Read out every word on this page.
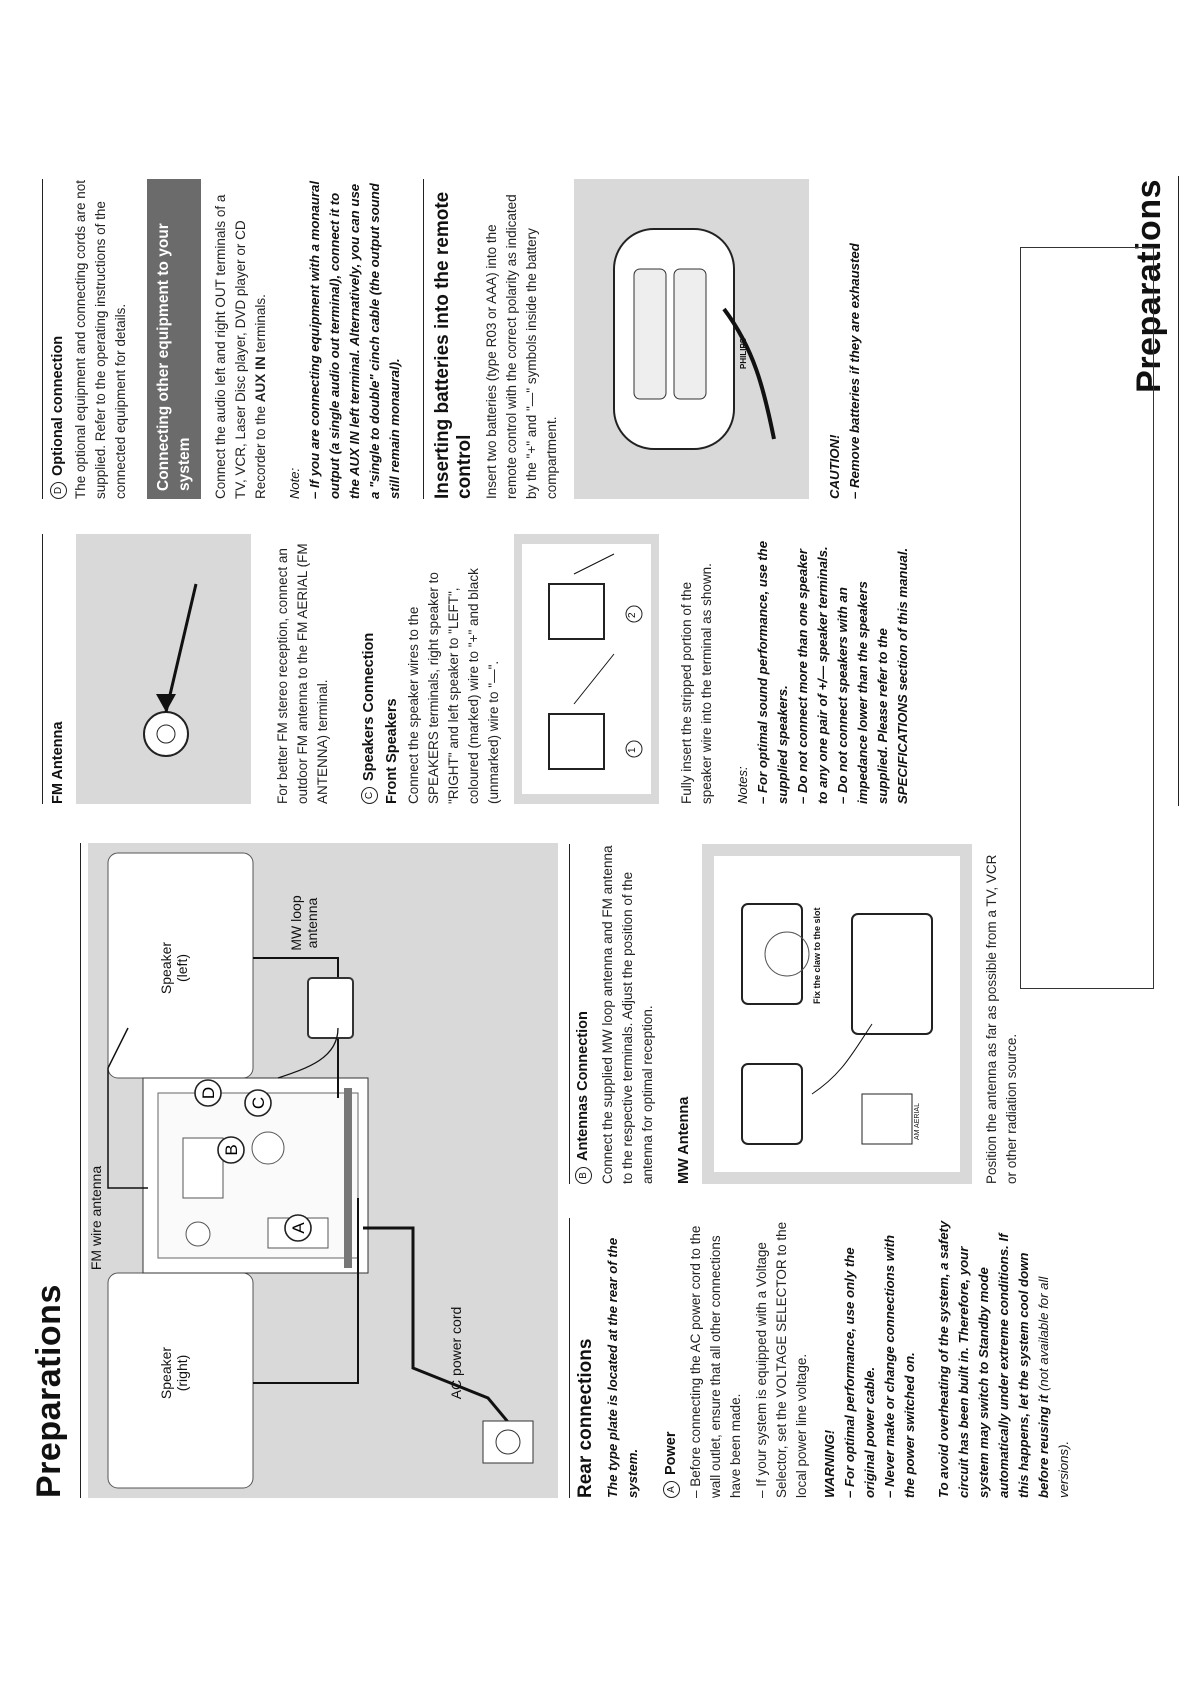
Preparations
A
B
C
D
Speaker
(right)
Speaker
(left)
FM wire antenna
MW loop
antenna
AC power cord	Rear connections The type plate is located at the rear of the system.	APower – Before connecting the AC power cord to the wall outlet, ensure that all other connections have been made. – If your system is equipped with a Voltage Selector, set the VOLTAGE SELECTOR to the local power line voltage. WARNING! – For optimal performance, use only the original power cable. – Never make or change connections with the power switched on. To avoid overheating of the system, a safety circuit has been built in. Therefore, your system may switch to Standby mode automatically under extreme conditions. If this happens, let the system cool down before reusing it (not available for all versions).
BAntennas Connection Connect the supplied MW loop antenna and FM antenna to the respective terminals. Adjust the position of the antenna for optimal reception. MW Antenna
Fix the claw to the slot
AM AERIAL	Position the antenna as far as possible from a TV, VCR or other radiation source.
Preparations
FM Antenna	For better FM stereo reception, connect an outdoor FM antenna to the FM AERIAL (FM ANTENNA) terminal.	CSpeakers Connection Front Speakers Connect the speaker wires to the SPEAKERS terminals, right speaker to "RIGHT" and left speaker to "LEFT", coloured (marked) wire to "+" and black (unmarked) wire to "—".	1
2	Fully insert the stripped portion of the speaker wire into the terminal as shown. Notes: – For optimal sound performance, use the supplied speakers. – Do not connect more than one speaker to any one pair of +/— speaker terminals. – Do not connect speakers with an impedance lower than the speakers supplied. Please refer to the SPECIFICATIONS section of this manual.
DOptional connection The optional equipment and connecting cords are not supplied. Refer to the operating instructions of the connected equipment for details.	Connecting other equipment to your system	Connect the audio left and right OUT terminals of a TV, VCR, Laser Disc player, DVD player or CD Recorder to the AUX IN terminals.
Note: – If you are connecting equipment with a monaural output (a single audio out terminal), connect it to the AUX IN left terminal. Alternatively, you can use a "single to double" cinch cable (the output sound still remain monaural). Inserting batteries into the remote control Insert two batteries (type R03 or AAA) into the remote control with the correct polarity as indicated by the "+" and "—" symbols inside the battery compartment.
PHILIPS
CAUTION! – Remove batteries if they are exhausted
